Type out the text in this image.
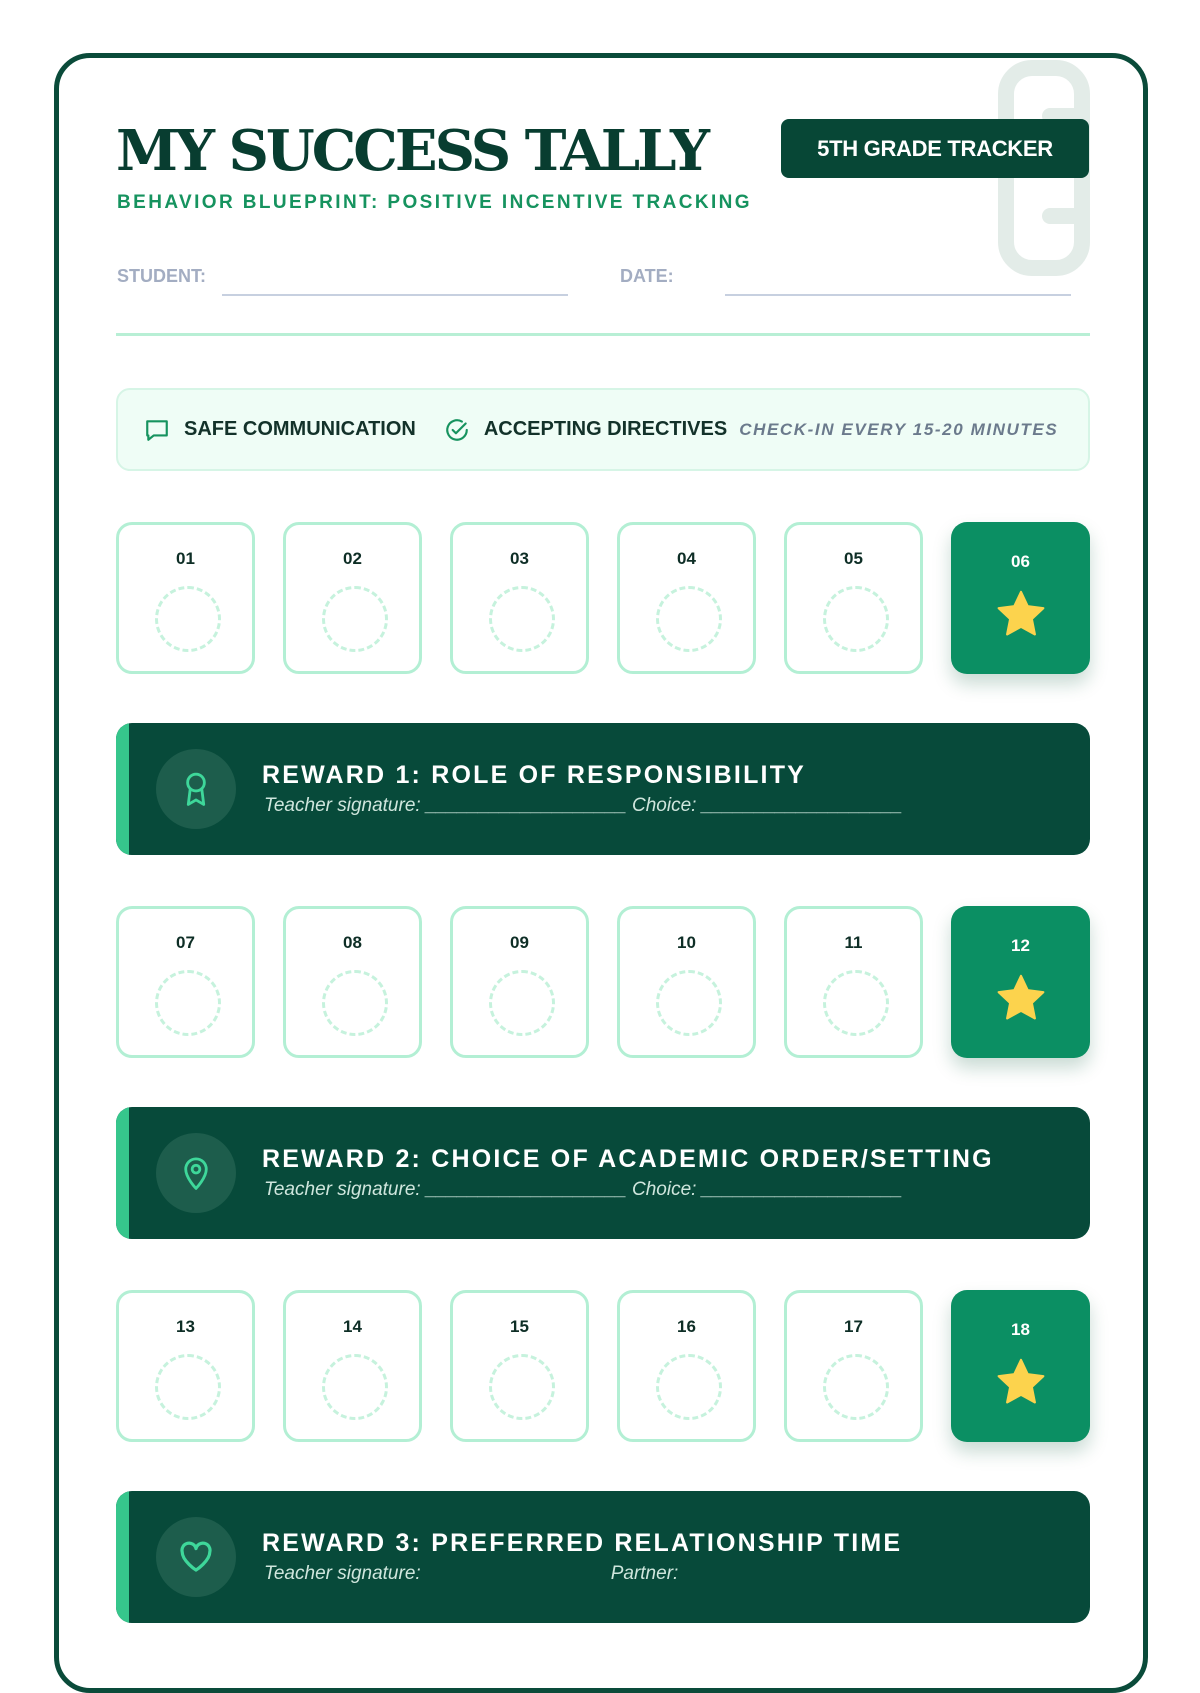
MY SUCCESS TALLY
BEHAVIOR BLUEPRINT: POSITIVE INCENTIVE TRACKING
5TH GRADE TRACKER
STUDENT:	DATE:
SAFE COMMUNICATION	ACCEPTING DIRECTIVES CHECK-IN EVERY 15-20 MINUTES
01	02	03	04	05	06
REWARD 1: ROLE OF RESPONSIBILITY
Teacher signature: ___________________ Choice: ___________________
07	08	09	10	11	12
REWARD 2: CHOICE OF ACADEMIC ORDER/SETTING
Teacher signature: ___________________ Choice: ___________________
13	14	15	16	17	18
REWARD 3: PREFERRED RELATIONSHIP TIME
Teacher signature:                                    Partner:
